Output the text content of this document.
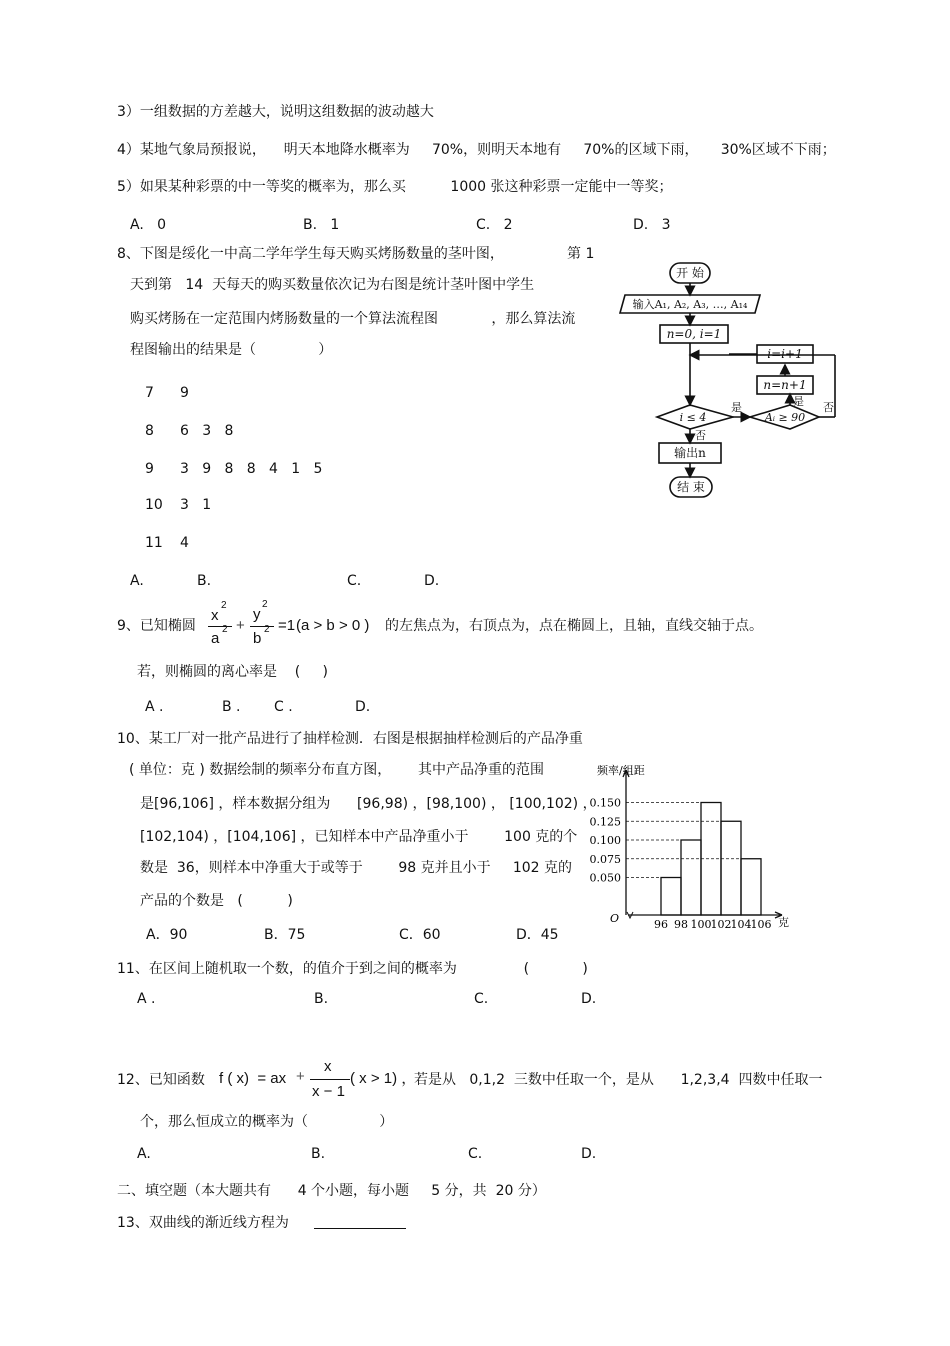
3）一组数据的方差越大，说明这组数据的波动越大
4）某地气象局预报说，    明天本地降水概率为     70%，则明天本地有     70%的区域下雨，     30%区域不下雨；
5）如果某种彩票的中一等奖的概率为，那么买          1000 张这种彩票一定能中一等奖；
A.   0	B.   1	C.   2	D.   3
8、下图是绥化一中高二学年学生每天购买烤肠数量的茎叶图，	第 1
天到第   14  天每天的购买数量依次记为右图是统计茎叶图中学生
购买烤肠在一定范围内烤肠数量的一个算法流程图            ，那么算法流
程图输出的结果是（              ）
7 9
8 6   3   8
9 3   9   8   8   4   1   5
10 3   1
11 4
A.	B.	C.	D.
开 始
输入A₁, A₂, A₃, …, A₁₄
n=0, i=1
i=i+1
n=n+1
i ≤ 4	Aᵢ ≥ 90
是	是
否
否
输出n
结 束
9、已知椭圆
x
2
a
2 +
y
2
b
2 =1 (a > b > 0 ) 的左焦点为，右顶点为，点在椭圆上，且轴，直线交轴于点。
若，则椭圆的离心率是    (     )
A .	B . C .	D.
10、某工厂对一批产品进行了抽样检测．右图是根据抽样检测后的产品净重
( 单位：克 ) 数据绘制的频率分布直方图，      其中产品净重的范围
是[96,106] ，样本数据分组为      [96,98) ，[98,100) ， [100,102) ，
[102,104) ，[104,106] ，已知样本中产品净重小于        100 克的个
数是  36，则样本中净重大于或等于        98 克并且小于     102 克的
产品的个数是   (          )
A．90	B．75	C．60	D．45
频率/组距
O	克
0.050
0.075
0.100
0.125
0.150
96 98 100 102 104 106
11、在区间上随机取一个数，的值介于到之间的概率为               (            )
A .	B.	C.	D.
12、已知函数 f ( x)  = ax +
x
x − 1
( x > 1) ，
若是从   0,1,2  三数中任取一个，是从      1,2,3,4  四数中任取一
个，那么恒成立的概率为（                ）
A.	B.	C.	D.
二、填空题（本大题共有      4 个小题，每小题     5 分，共  20 分）
13、双曲线的渐近线方程为
